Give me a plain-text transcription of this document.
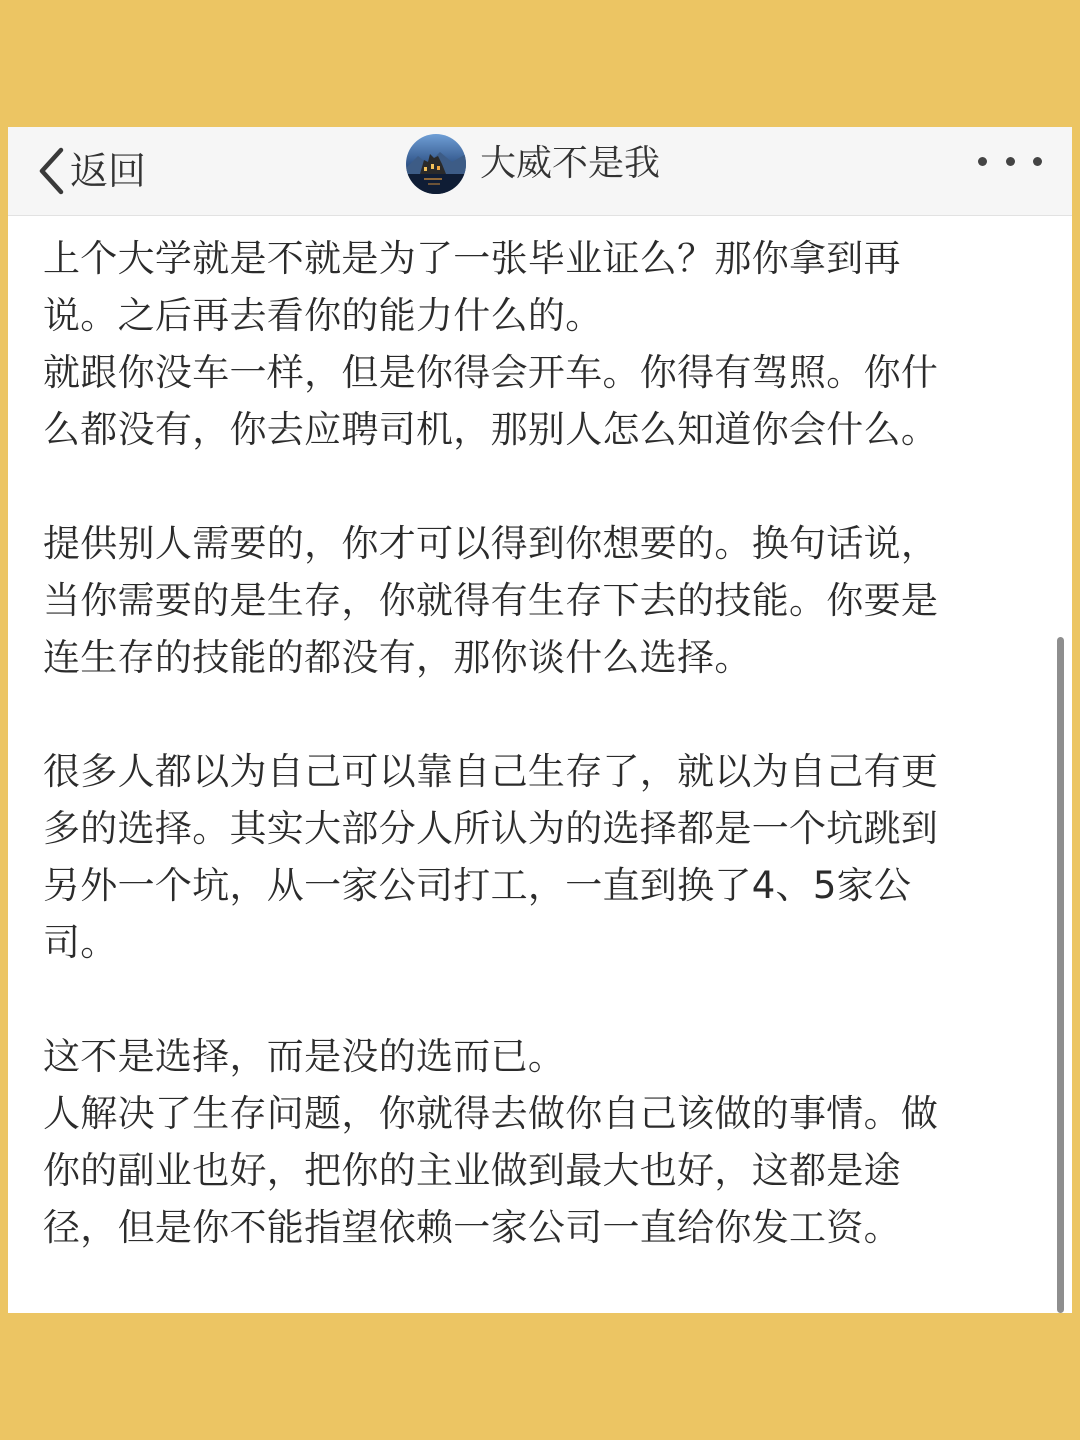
返回	大威不是我
上个大学就是不就是为了一张毕业证么？那你拿到再
说。之后再去看你的能力什么的。
就跟你没车一样，但是你得会开车。你得有驾照。你什
么都没有，你去应聘司机，那别人怎么知道你会什么。
提供别人需要的，你才可以得到你想要的。换句话说，
当你需要的是生存，你就得有生存下去的技能。你要是
连生存的技能的都没有，那你谈什么选择。
很多人都以为自己可以靠自己生存了，就以为自己有更
多的选择。其实大部分人所认为的选择都是一个坑跳到
另外一个坑，从一家公司打工，一直到换了4、5家公
司。
这不是选择，而是没的选而已。
人解决了生存问题，你就得去做你自己该做的事情。做
你的副业也好，把你的主业做到最大也好，这都是途
径，但是你不能指望依赖一家公司一直给你发工资。
